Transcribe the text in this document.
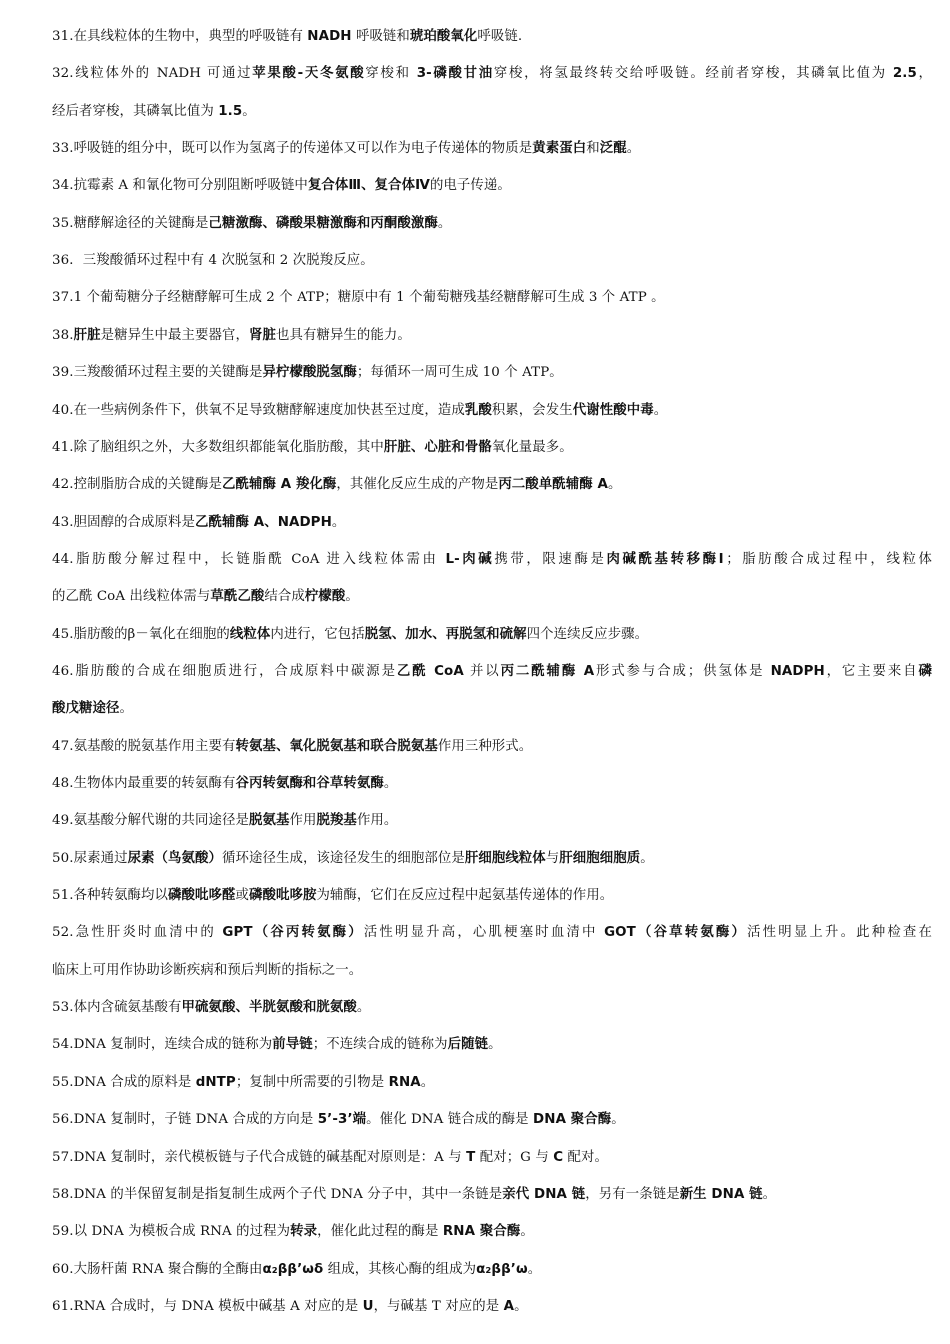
31.在具线粒体的生物中，典型的呼吸链有 NADH 呼吸链和琥珀酸氧化呼吸链.
32.线粒体外的 NADH 可通过苹果酸-天冬氨酸穿梭和 3-磷酸甘油穿梭，将氢最终转交给呼吸链。经前者穿梭，其磷氧比值为 2.5，
经后者穿梭，其磷氧比值为 1.5。
33.呼吸链的组分中，既可以作为氢离子的传递体又可以作为电子传递体的物质是黄素蛋白和泛醌。
34.抗霉素 A 和氰化物可分别阻断呼吸链中复合体Ⅲ、复合体Ⅳ的电子传递。
35.糖酵解途径的关键酶是己糖激酶、磷酸果糖激酶和丙酮酸激酶。
36．三羧酸循环过程中有 4 次脱氢和 2 次脱羧反应。
37.1 个葡萄糖分子经糖酵解可生成 2 个 ATP；糖原中有 1 个葡萄糖残基经糖酵解可生成 3 个 ATP 。
38.肝脏是糖异生中最主要器官，肾脏也具有糖异生的能力。
39.三羧酸循环过程主要的关键酶是异柠檬酸脱氢酶；每循环一周可生成 10 个 ATP。
40.在一些病例条件下，供氧不足导致糖酵解速度加快甚至过度，造成乳酸积累，会发生代谢性酸中毒。
41.除了脑组织之外，大多数组织都能氧化脂肪酸，其中肝脏、心脏和骨骼氧化量最多。
42.控制脂肪合成的关键酶是乙酰辅酶 A 羧化酶，其催化反应生成的产物是丙二酸单酰辅酶 A。
43.胆固醇的合成原料是乙酰辅酶 A、NADPH。
44.脂肪酸分解过程中，长链脂酰 CoA 进入线粒体需由 L-肉碱携带，限速酶是肉碱酰基转移酶Ⅰ；脂肪酸合成过程中，线粒体
的乙酰 CoA 出线粒体需与草酰乙酸结合成柠檬酸。
45.脂肪酸的β－氧化在细胞的线粒体内进行，它包括脱氢、加水、再脱氢和硫解四个连续反应步骤。
46.脂肪酸的合成在细胞质进行，合成原料中碳源是乙酰 CoA 并以丙二酰辅酶 A形式参与合成；供氢体是 NADPH，它主要来自磷
酸戊糖途径。
47.氨基酸的脱氨基作用主要有转氨基、氧化脱氨基和联合脱氨基作用三种形式。
48.生物体内最重要的转氨酶有谷丙转氨酶和谷草转氨酶。
49.氨基酸分解代谢的共同途径是脱氨基作用脱羧基作用。
50.尿素通过尿素（鸟氨酸）循环途径生成，该途径发生的细胞部位是肝细胞线粒体与肝细胞细胞质。
51.各种转氨酶均以磷酸吡哆醛或磷酸吡哆胺为辅酶，它们在反应过程中起氨基传递体的作用。
52.急性肝炎时血清中的 GPT（谷丙转氨酶）活性明显升高，心肌梗塞时血清中 GOT（谷草转氨酶）活性明显上升。此种检查在
临床上可用作协助诊断疾病和预后判断的指标之一。
53.体内含硫氨基酸有甲硫氨酸、半胱氨酸和胱氨酸。
54.DNA 复制时，连续合成的链称为前导链；不连续合成的链称为后随链。
55.DNA 合成的原料是 dNTP；复制中所需要的引物是 RNA。
56.DNA 复制时，子链 DNA 合成的方向是 5’-3’端。催化 DNA 链合成的酶是 DNA 聚合酶。
57.DNA 复制时，亲代模板链与子代合成链的碱基配对原则是：A 与 T 配对；G 与 C 配对。
58.DNA 的半保留复制是指复制生成两个子代 DNA 分子中，其中一条链是亲代 DNA 链，另有一条链是新生 DNA 链。
59.以 DNA 为模板合成 RNA 的过程为转录，催化此过程的酶是 RNA 聚合酶。
60.大肠杆菌 RNA 聚合酶的全酶由α₂ββ’ωδ 组成，其核心酶的组成为α₂ββ’ω。
61.RNA 合成时，与 DNA 模板中碱基 A 对应的是 U，与碱基 T 对应的是 A。
